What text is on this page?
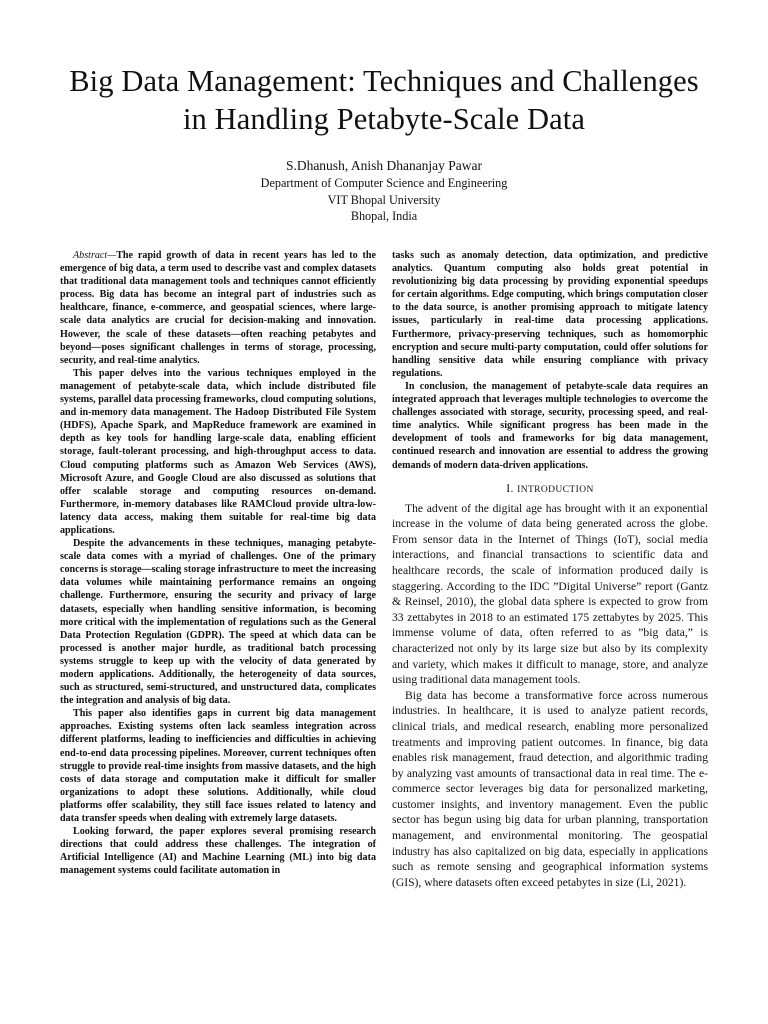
Big Data Management: Techniques and Challenges
in Handling Petabyte-Scale Data
S.Dhanush, Anish Dhananjay Pawar
Department of Computer Science and Engineering
VIT Bhopal University
Bhopal, India

Abstract—The rapid growth of data in recent years has led to the emergence of big data, a term used to describe vast and complex datasets that traditional data management tools and techniques cannot efficiently process. Big data has become an integral part of industries such as healthcare, finance, e-commerce, and geospatial sciences, where large-scale data analytics are crucial for decision-making and innovation. However, the scale of these datasets—often reaching petabytes and beyond—poses significant challenges in terms of storage, processing, security, and real-time analytics.

This paper delves into the various techniques employed in the management of petabyte-scale data, which include distributed file systems, parallel data processing frameworks, cloud computing solutions, and in-memory data management. The Hadoop Distributed File System (HDFS), Apache Spark, and MapReduce framework are examined in depth as key tools for handling large-scale data, enabling efficient storage, fault-tolerant processing, and high-throughput access to data. Cloud computing platforms such as Amazon Web Services (AWS), Microsoft Azure, and Google Cloud are also discussed as solutions that offer scalable storage and computing resources on-demand. Furthermore, in-memory databases like RAMCloud provide ultra-low-latency data access, making them suitable for real-time big data applications.

Despite the advancements in these techniques, managing petabyte-scale data comes with a myriad of challenges. One of the primary concerns is storage—scaling storage infrastructure to meet the increasing data volumes while maintaining performance remains an ongoing challenge. Furthermore, ensuring the security and privacy of large datasets, especially when handling sensitive information, is becoming more critical with the implementation of regulations such as the General Data Protection Regulation (GDPR). The speed at which data can be processed is another major hurdle, as traditional batch processing systems struggle to keep up with the velocity of data generated by modern applications. Additionally, the heterogeneity of data sources, such as structured, semi-structured, and unstructured data, complicates the integration and analysis of big data.

This paper also identifies gaps in current big data management approaches. Existing systems often lack seamless integration across different platforms, leading to inefficiencies and difficulties in achieving end-to-end data processing pipelines. Moreover, current techniques often struggle to provide real-time insights from massive datasets, and the high costs of data storage and computation make it difficult for smaller organizations to adopt these solutions. Additionally, while cloud platforms offer scalability, they still face issues related to latency and data transfer speeds when dealing with extremely large datasets.

Looking forward, the paper explores several promising research directions that could address these challenges. The integration of Artificial Intelligence (AI) and Machine Learning (ML) into big data management systems could facilitate automation in

tasks such as anomaly detection, data optimization, and predictive analytics. Quantum computing also holds great potential in revolutionizing big data processing by providing exponential speedups for certain algorithms. Edge computing, which brings computation closer to the data source, is another promising approach to mitigate latency issues, particularly in real-time data processing applications. Furthermore, privacy-preserving techniques, such as homomorphic encryption and secure multi-party computation, could offer solutions for handling sensitive data while ensuring compliance with privacy regulations.

In conclusion, the management of petabyte-scale data requires an integrated approach that leverages multiple technologies to overcome the challenges associated with storage, security, processing speed, and real-time analytics. While significant progress has been made in the development of tools and frameworks for big data management, continued research and innovation are essential to address the growing demands of modern data-driven applications.

I. INTRODUCTION

The advent of the digital age has brought with it an exponential increase in the volume of data being generated across the globe. From sensor data in the Internet of Things (IoT), social media interactions, and financial transactions to scientific data and healthcare records, the scale of information produced daily is staggering. According to the IDC ”Digital Universe” report (Gantz & Reinsel, 2010), the global data sphere is expected to grow from 33 zettabytes in 2018 to an estimated 175 zettabytes by 2025. This immense volume of data, often referred to as ”big data,” is characterized not only by its large size but also by its complexity and variety, which makes it difficult to manage, store, and analyze using traditional data management tools.

Big data has become a transformative force across numerous industries. In healthcare, it is used to analyze patient records, clinical trials, and medical research, enabling more personalized treatments and improving patient outcomes. In finance, big data enables risk management, fraud detection, and algorithmic trading by analyzing vast amounts of transactional data in real time. The e-commerce sector leverages big data for personalized marketing, customer insights, and inventory management. Even the public sector has begun using big data for urban planning, transportation management, and environmental monitoring. The geospatial industry has also capitalized on big data, especially in applications such as remote sensing and geographical information systems (GIS), where datasets often exceed petabytes in size (Li, 2021).
